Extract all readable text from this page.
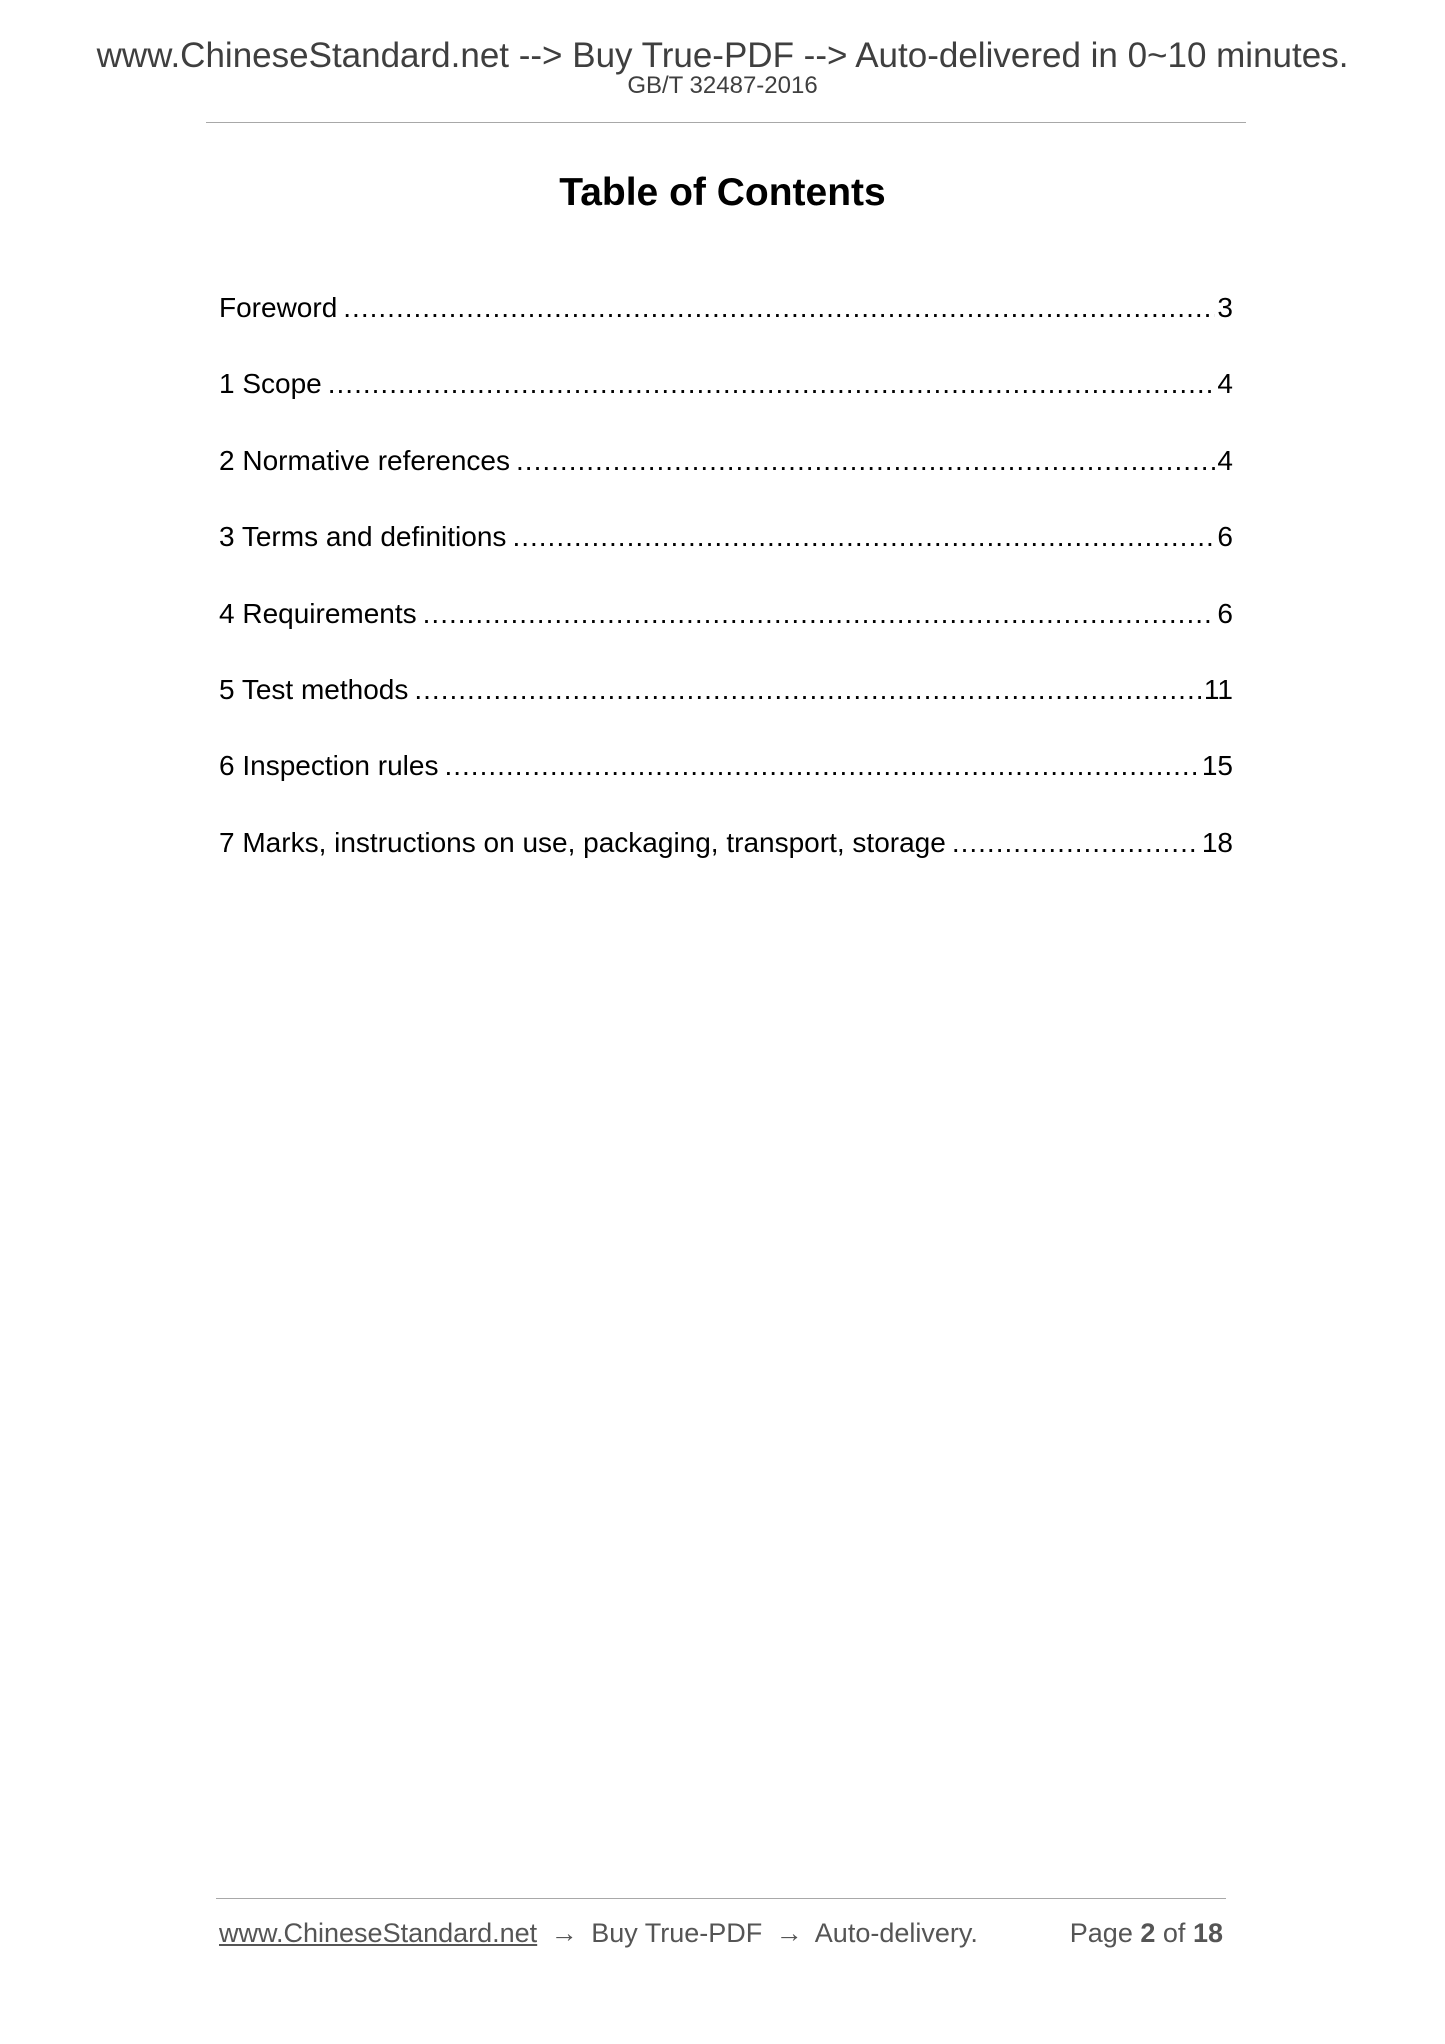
www.ChineseStandard.net --> Buy True-PDF --> Auto-delivered in 0~10 minutes.
GB/T 32487-2016
Table of Contents
Foreword .....	3
1 Scope .....	4
2 Normative references .....	4
3 Terms and definitions .....	6
4 Requirements .....	6
5 Test methods .....	11
6 Inspection rules .....	15
7 Marks, instructions on use, packaging, transport, storage .....	18
www.ChineseStandard.net → Buy True-PDF → Auto-delivery.	Page 2 of 18
